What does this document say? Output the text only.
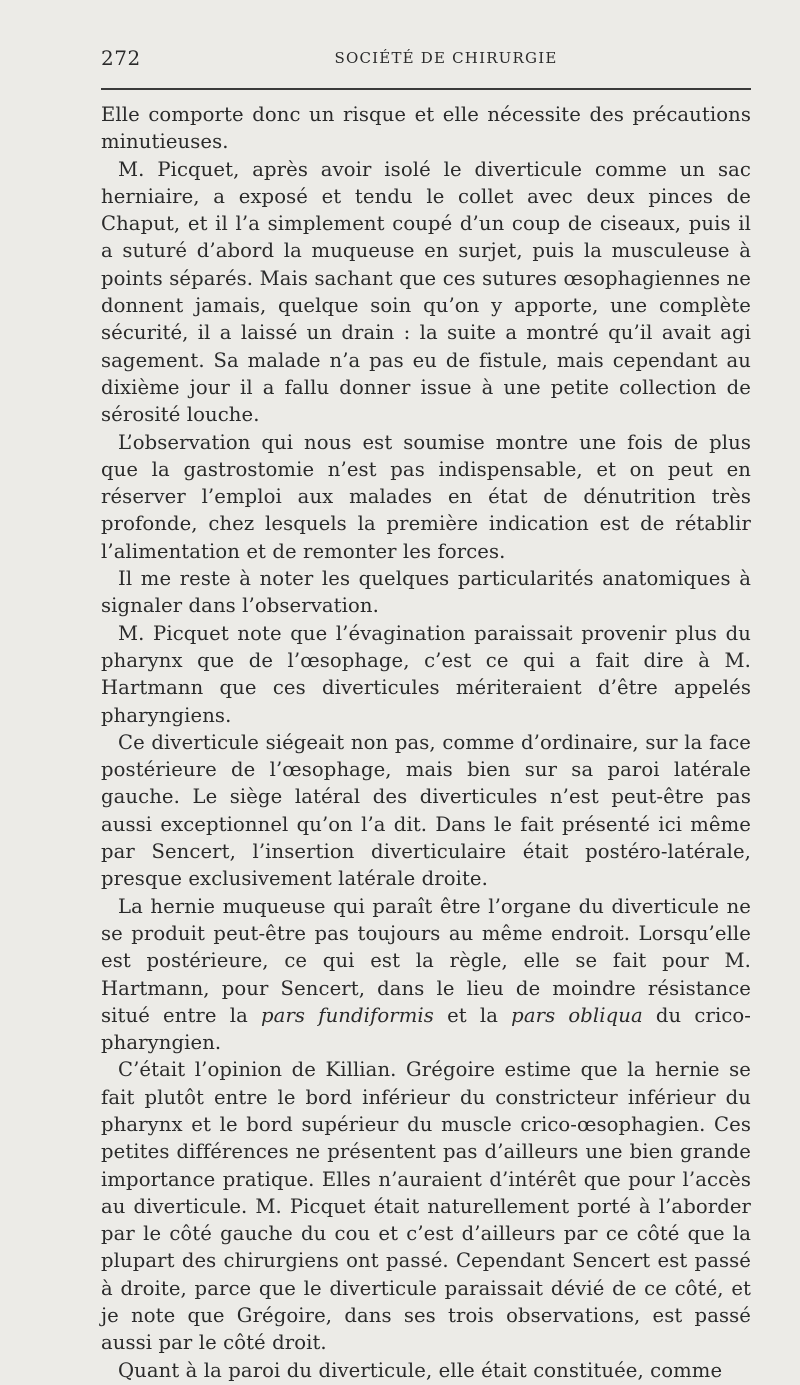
272	SOCIÉTÉ DE CHIRURGIE

Elle comporte donc un risque et elle nécessite des précautions minutieuses.

M. Picquet, après avoir isolé le diverticule comme un sac herniaire, a exposé et tendu le collet avec deux pinces de Chaput, et il l’a simplement coupé d’un coup de ciseaux, puis il a suturé d’abord la muqueuse en surjet, puis la musculeuse à points séparés. Mais sachant que ces sutures œsophagiennes ne donnent jamais, quelque soin qu’on y apporte, une complète sécurité, il a laissé un drain : la suite a montré qu’il avait agi sagement. Sa malade n’a pas eu de fistule, mais cependant au dixième jour il a fallu donner issue à une petite collection de sérosité louche.

L’observation qui nous est soumise montre une fois de plus que la gastrostomie n’est pas indispensable, et on peut en réserver l’emploi aux malades en état de dénutrition très profonde, chez lesquels la première indication est de rétablir l’alimentation et de remonter les forces.

Il me reste à noter les quelques particularités anatomiques à signaler dans l’observation.

M. Picquet note que l’évagination paraissait provenir plus du pharynx que de l’œsophage, c’est ce qui a fait dire à M. Hartmann que ces diverticules mériteraient d’être appelés pharyngiens.

Ce diverticule siégeait non pas, comme d’ordinaire, sur la face postérieure de l’œsophage, mais bien sur sa paroi latérale gauche. Le siège latéral des diverticules n’est peut-être pas aussi exceptionnel qu’on l’a dit. Dans le fait présenté ici même par Sencert, l’insertion diverticulaire était postéro-latérale, presque exclusivement latérale droite.

La hernie muqueuse qui paraît être l’organe du diverticule ne se produit peut-être pas toujours au même endroit. Lorsqu’elle est postérieure, ce qui est la règle, elle se fait pour M. Hartmann, pour Sencert, dans le lieu de moindre résistance situé entre la pars fundiformis et la pars obliqua du crico-pharyngien.

C’était l’opinion de Killian. Grégoire estime que la hernie se fait plutôt entre le bord inférieur du constricteur inférieur du pharynx et le bord supérieur du muscle crico-œsophagien. Ces petites différences ne présentent pas d’ailleurs une bien grande importance pratique. Elles n’auraient d’intérêt que pour l’accès au diverticule. M. Picquet était naturellement porté à l’aborder par le côté gauche du cou et c’est d’ailleurs par ce côté que la plupart des chirurgiens ont passé. Cependant Sencert est passé à droite, parce que le diverticule paraissait dévié de ce côté, et je note que Grégoire, dans ses trois observations, est passé aussi par le côté droit.

Quant à la paroi du diverticule, elle était constituée, comme
